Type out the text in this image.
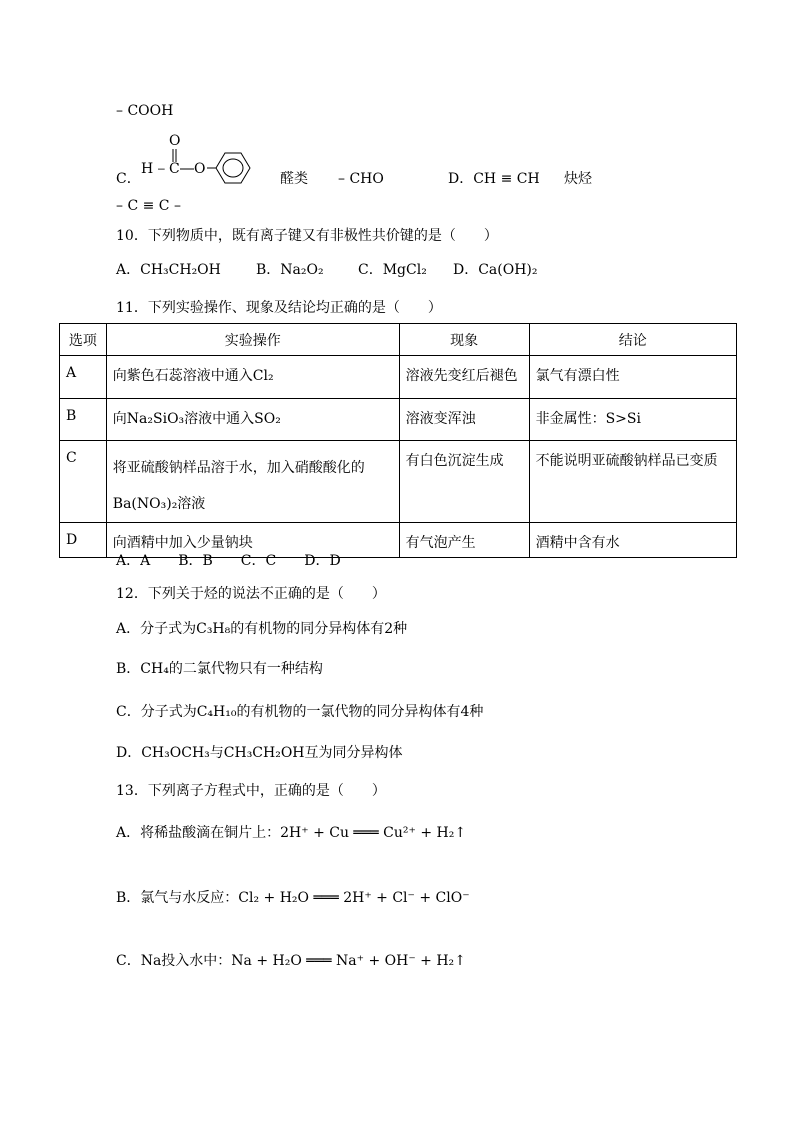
– COOH
C．
H – C
O
O
醛类 – CHO	D．CH ≡ CH 炔烃
– C ≡ C –
10．下列物质中，既有离子键又有非极性共价键的是（　　）
A．CH₃CH₂OH	B．Na₂O₂ C．MgCl₂ D．Ca(OH)₂
11．下列实验操作、现象及结论均正确的是（　　）
选项	实验操作	现象	结论
A	向紫色石蕊溶液中通入Cl₂	溶液先变红后褪色	氯气有漂白性
B	向Na₂SiO₃溶液中通入SO₂	溶液变浑浊	非金属性：S>Si
C	将亚硫酸钠样品溶于水，加入硝酸酸化的Ba(NO₃)₂溶液	有白色沉淀生成	不能说明亚硫酸钠样品已变质
D	向酒精中加入少量钠块	有气泡产生	酒精中含有水
A．A　　B．B　　C．C　　D．D
12．下列关于烃的说法不正确的是（　　）
A．分子式为C₃H₈的有机物的同分异构体有2种
B．CH₄的二氯代物只有一种结构
C．分子式为C₄H₁₀的有机物的一氯代物的同分异构体有4种
D．CH₃OCH₃与CH₃CH₂OH互为同分异构体
13．下列离子方程式中，正确的是（　　）
A．将稀盐酸滴在铜片上：2H⁺ + Cu ═══ Cu²⁺ + H₂↑
B．氯气与水反应：Cl₂ + H₂O ═══ 2H⁺ + Cl⁻ + ClO⁻
C．Na投入水中：Na + H₂O ═══ Na⁺ + OH⁻ + H₂↑
